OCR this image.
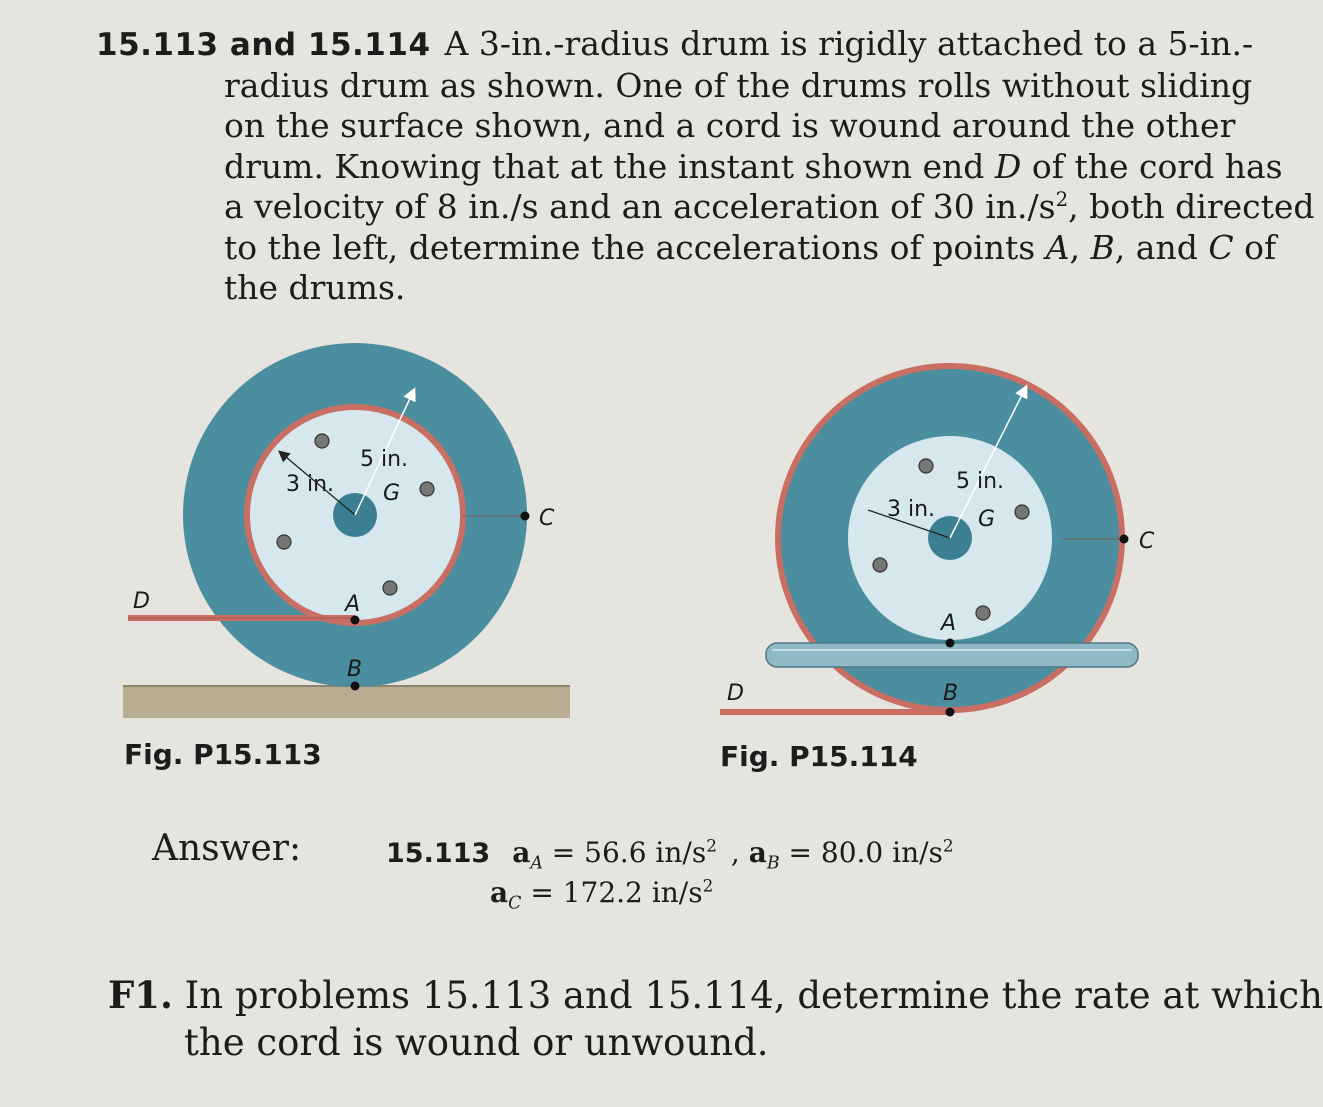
15.113 and 15.114 A 3-in.-radius drum is rigidly attached to a 5-in.-
radius drum as shown. One of the drums rolls without sliding
on the surface shown, and a cord is wound around the other
drum. Knowing that at the instant shown end D of the cord has
a velocity of 8 in./s and an acceleration of 30 $in./s^2$, both directed
to the left, determine the accelerations of points A, B, and C of
the drums.
3 in.
5 in.
G
A
B
C
D
3 in.
5 in.
G
A
B
C
D
Fig. P15.113	Fig. P15.114
Answer:	15.113 $a_A = 56.6$ $in/s^2$ , $a_B = 80.0$ $in/s^2$
$a_C = 172.2$ $in/s^2$
F1. In problems 15.113 and 15.114, determine the rate at which
the cord is wound or unwound.
